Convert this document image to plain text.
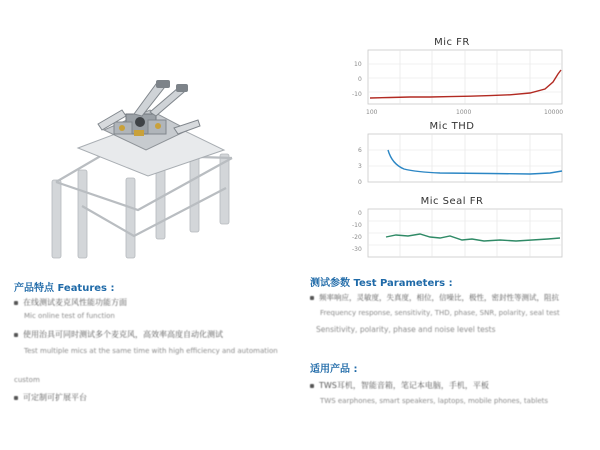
Mic FR
10
0
-10
100	1000	10000
Mic THD
6
3
0
Mic Seal FR
0
-10
-20
-30
产品特点 Features :
在线测试麦克风性能功能方面
Mic online test of function
使用治具可同时测试多个麦克风，高效率高度自动化测试
Test multiple mics at the same time with high efficiency and automation
custom
可定制可扩展平台
测试参数 Test Parameters :
频率响应，灵敏度，失真度，相位，信噪比，极性，密封性等测试，阻抗
Frequency response, sensitivity, THD, phase, SNR, polarity, seal test
Sensitivity, polarity, phase and noise level tests
适用产品 :
TWS耳机，智能音箱，笔记本电脑，手机，平板
TWS earphones, smart speakers, laptops, mobile phones, tablets
